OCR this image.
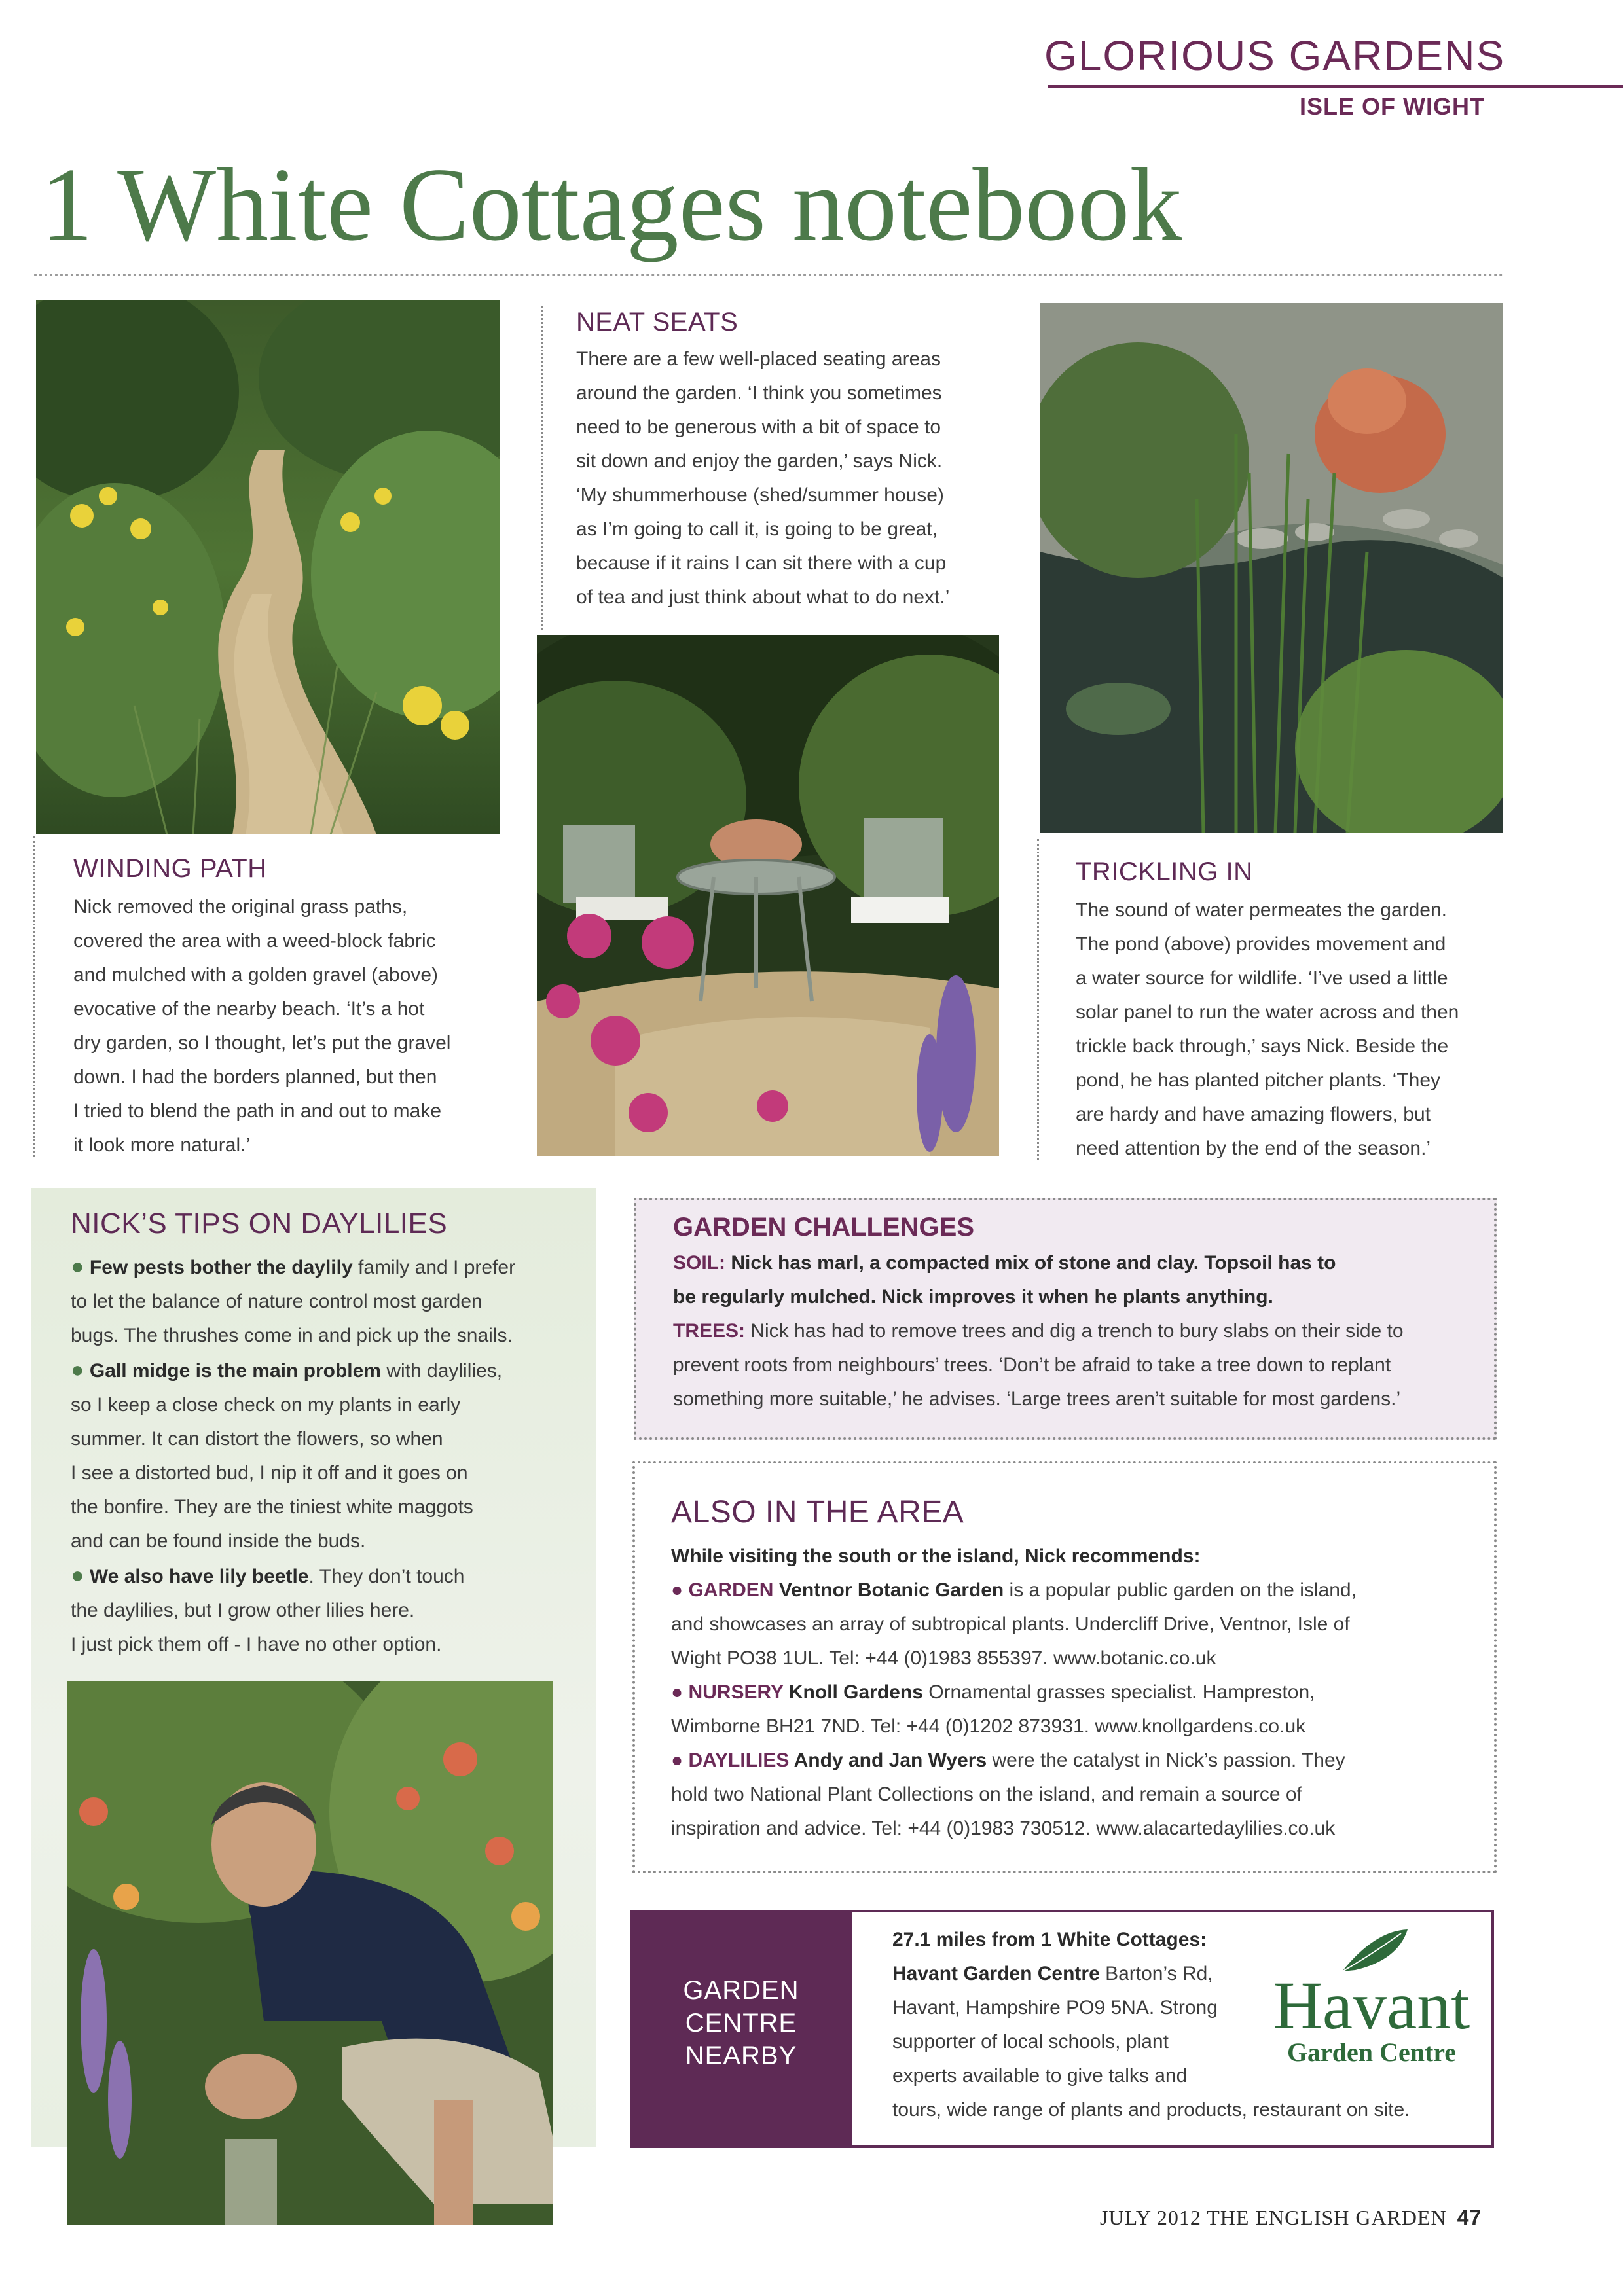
GLORIOUS GARDENS
ISLE OF WIGHT
1 White Cottages notebook
WINDING PATH

Nick removed the original grass paths,

covered the area with a weed-block fabric

and mulched with a golden gravel (above)

evocative of the nearby beach. ‘It’s a hot

dry garden, so I thought, let’s put the gravel

down. I had the borders planned, but then

I tried to blend the path in and out to make

it look more natural.’

NEAT SEATS

There are a few well-placed seating areas

around the garden. ‘I think you sometimes

need to be generous with a bit of space to

sit down and enjoy the garden,’ says Nick.

‘My shummerhouse (shed/summer house)

as I’m going to call it, is going to be great,

because if it rains I can sit there with a cup

of tea and just think about what to do next.’

TRICKLING IN

The sound of water permeates the garden.

The pond (above) provides movement and

a water source for wildlife. ‘I’ve used a little

solar panel to run the water across and then

trickle back through,’ says Nick. Beside the

pond, he has planted pitcher plants. ‘They

are hardy and have amazing flowers, but

need attention by the end of the season.’

NICK’S TIPS ON DAYLILIES

● Few pests bother the daylily family and I prefer

to let the balance of nature control most garden

bugs. The thrushes come in and pick up the snails.

● Gall midge is the main problem with daylilies,

so I keep a close check on my plants in early

summer. It can distort the flowers, so when

I see a distorted bud, I nip it off and it goes on

the bonfire. They are the tiniest white maggots

and can be found inside the buds.

● We also have lily beetle. They don’t touch

the daylilies, but I grow other lilies here.

I just pick them off - I have no other option.

GARDEN CHALLENGES

SOIL: Nick has marl, a compacted mix of stone and clay. Topsoil has to

be regularly mulched. Nick improves it when he plants anything.

TREES: Nick has had to remove trees and dig a trench to bury slabs on their side to

prevent roots from neighbours’ trees. ‘Don’t be afraid to take a tree down to replant

something more suitable,’ he advises. ‘Large trees aren’t suitable for most gardens.’

ALSO IN THE AREA

While visiting the south or the island, Nick recommends:

● GARDEN Ventnor Botanic Garden is a popular public garden on the island,

and showcases an array of subtropical plants. Undercliff Drive, Ventnor, Isle of

Wight PO38 1UL. Tel: +44 (0)1983 855397. www.botanic.co.uk

● NURSERY Knoll Gardens Ornamental grasses specialist. Hampreston,

Wimborne BH21 7ND. Tel: +44 (0)1202 873931. www.knollgardens.co.uk

● DAYLILIES Andy and Jan Wyers were the catalyst in Nick’s passion. They

hold two National Plant Collections on the island, and remain a source of

inspiration and advice. Tel: +44 (0)1983 730512. www.alacartedaylilies.co.uk

GARDEN
CENTRE
NEARBY

27.1 miles from 1 White Cottages:

Havant Garden Centre Barton’s Rd,

Havant, Hampshire PO9 5NA. Strong

supporter of local schools, plant

experts available to give talks and

tours, wide range of plants and products, restaurant on site.

Havant
Garden Centre
JULY 2012 THE ENGLISH GARDEN 47
